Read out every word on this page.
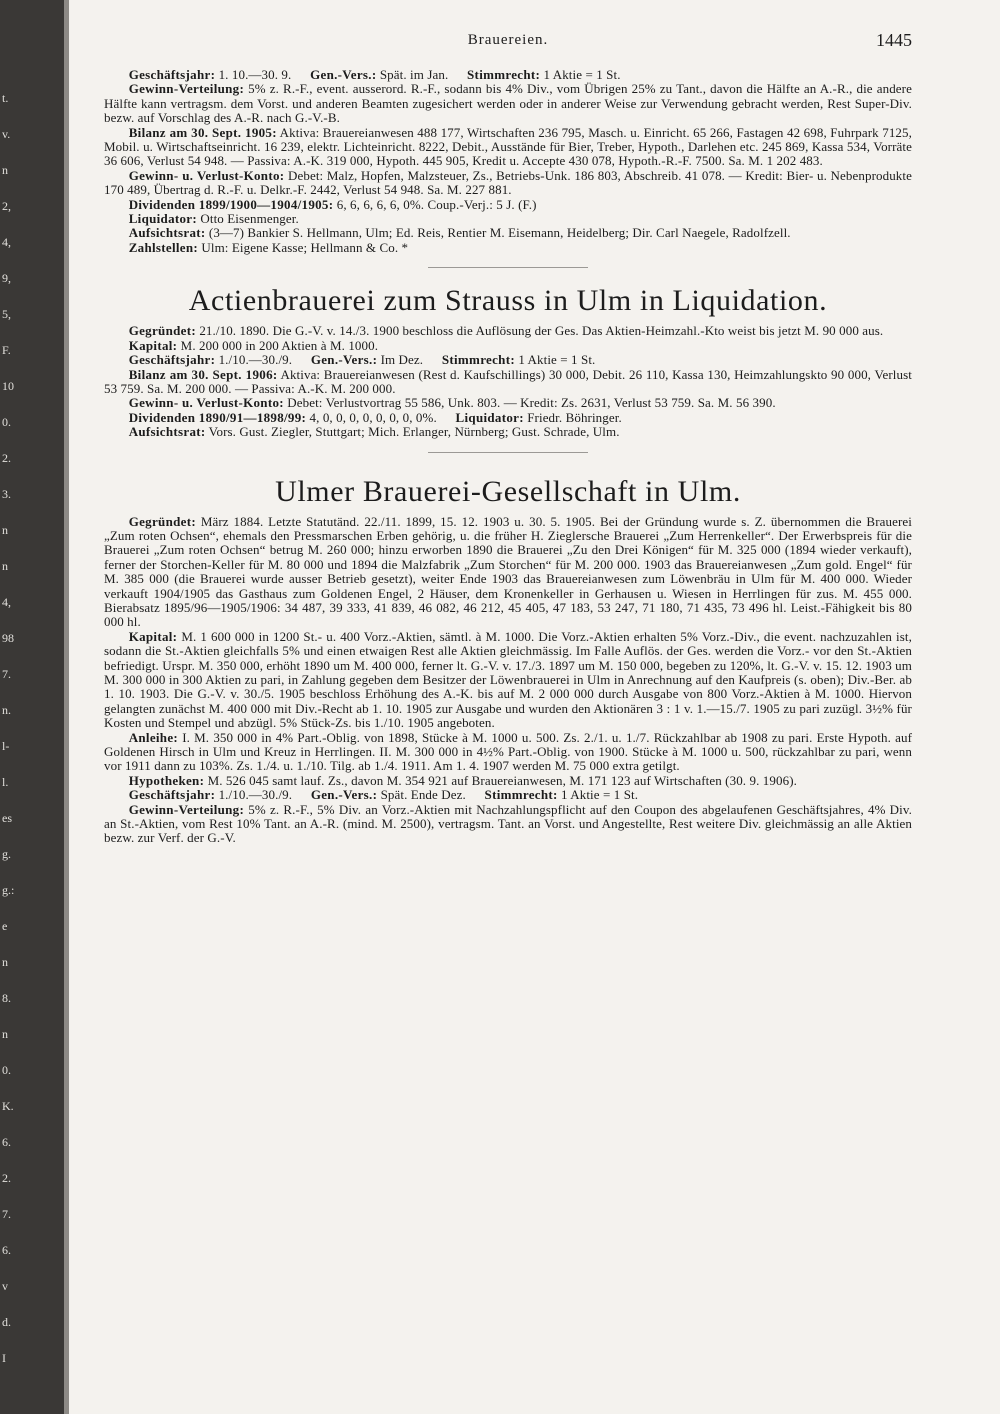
t.
v.
n
2,
4,
9,
5,
F.
10
0.
2.
3.
n
n
4,
98
7.
n.
l-
l.
es
g.
g.:
e
n
8.
n
0.
K.
6.
2.
7.
6.
v
d.
I
Brauereien.	1445

Geschäftsjahr: 1. 10.—30. 9. Gen.-Vers.: Spät. im Jan. Stimmrecht: 1 Aktie = 1 St.

Gewinn-Verteilung: 5% z. R.-F., event. ausserord. R.-F., sodann bis 4% Div., vom Übrigen 25% zu Tant., davon die Hälfte an A.-R., die andere Hälfte kann vertragsm. dem Vorst. und anderen Beamten zugesichert werden oder in anderer Weise zur Verwendung gebracht werden, Rest Super-Div. bezw. auf Vorschlag des A.-R. nach G.-V.-B.

Bilanz am 30. Sept. 1905: Aktiva: Brauereianwesen 488 177, Wirtschaften 236 795, Masch. u. Einricht. 65 266, Fastagen 42 698, Fuhrpark 7125, Mobil. u. Wirtschaftseinricht. 16 239, elektr. Lichteinricht. 8222, Debit., Ausstände für Bier, Treber, Hypoth., Darlehen etc. 245 869, Kassa 534, Vorräte 36 606, Verlust 54 948. — Passiva: A.-K. 319 000, Hypoth. 445 905, Kredit u. Accepte 430 078, Hypoth.-R.-F. 7500. Sa. M. 1 202 483.

Gewinn- u. Verlust-Konto: Debet: Malz, Hopfen, Malzsteuer, Zs., Betriebs-Unk. 186 803, Abschreib. 41 078. — Kredit: Bier- u. Nebenprodukte 170 489, Übertrag d. R.-F. u. Delkr.-F. 2442, Verlust 54 948. Sa. M. 227 881.

Dividenden 1899/1900—1904/1905: 6, 6, 6, 6, 6, 0%. Coup.-Verj.: 5 J. (F.)

Liquidator: Otto Eisenmenger.

Aufsichtsrat: (3—7) Bankier S. Hellmann, Ulm; Ed. Reis, Rentier M. Eisemann, Heidelberg; Dir. Carl Naegele, Radolfzell.

Zahlstellen: Ulm: Eigene Kasse; Hellmann & Co. *

Actienbrauerei zum Strauss in Ulm in Liquidation.

Gegründet: 21./10. 1890. Die G.-V. v. 14./3. 1900 beschloss die Auflösung der Ges. Das Aktien-Heimzahl.-Kto weist bis jetzt M. 90 000 aus.

Kapital: M. 200 000 in 200 Aktien à M. 1000.

Geschäftsjahr: 1./10.—30./9. Gen.-Vers.: Im Dez. Stimmrecht: 1 Aktie = 1 St.

Bilanz am 30. Sept. 1906: Aktiva: Brauereianwesen (Rest d. Kaufschillings) 30 000, Debit. 26 110, Kassa 130, Heimzahlungskto 90 000, Verlust 53 759. Sa. M. 200 000. — Passiva: A.-K. M. 200 000.

Gewinn- u. Verlust-Konto: Debet: Verlustvortrag 55 586, Unk. 803. — Kredit: Zs. 2631, Verlust 53 759. Sa. M. 56 390.

Dividenden 1890/91—1898/99: 4, 0, 0, 0, 0, 0, 0, 0, 0%. Liquidator: Friedr. Böhringer.

Aufsichtsrat: Vors. Gust. Ziegler, Stuttgart; Mich. Erlanger, Nürnberg; Gust. Schrade, Ulm.

Ulmer Brauerei-Gesellschaft in Ulm.

Gegründet: März 1884. Letzte Statutänd. 22./11. 1899, 15. 12. 1903 u. 30. 5. 1905. Bei der Gründung wurde s. Z. übernommen die Brauerei „Zum roten Ochsen“, ehemals den Pressmarschen Erben gehörig, u. die früher H. Zieglersche Brauerei „Zum Herrenkeller“. Der Erwerbspreis für die Brauerei „Zum roten Ochsen“ betrug M. 260 000; hinzu erworben 1890 die Brauerei „Zu den Drei Königen“ für M. 325 000 (1894 wieder verkauft), ferner der Storchen-Keller für M. 80 000 und 1894 die Malzfabrik „Zum Storchen“ für M. 200 000. 1903 das Brauereianwesen „Zum gold. Engel“ für M. 385 000 (die Brauerei wurde ausser Betrieb gesetzt), weiter Ende 1903 das Brauereianwesen zum Löwenbräu in Ulm für M. 400 000. Wieder verkauft 1904/1905 das Gasthaus zum Goldenen Engel, 2 Häuser, dem Kronenkeller in Gerhausen u. Wiesen in Herrlingen für zus. M. 455 000. Bierabsatz 1895/96—1905/1906: 34 487, 39 333, 41 839, 46 082, 46 212, 45 405, 47 183, 53 247, 71 180, 71 435, 73 496 hl. Leist.-Fähigkeit bis 80 000 hl.

Kapital: M. 1 600 000 in 1200 St.- u. 400 Vorz.-Aktien, sämtl. à M. 1000. Die Vorz.-Aktien erhalten 5% Vorz.-Div., die event. nachzuzahlen ist, sodann die St.-Aktien gleichfalls 5% und einen etwaigen Rest alle Aktien gleichmässig. Im Falle Auflös. der Ges. werden die Vorz.- vor den St.-Aktien befriedigt. Urspr. M. 350 000, erhöht 1890 um M. 400 000, ferner lt. G.-V. v. 17./3. 1897 um M. 150 000, begeben zu 120%, lt. G.-V. v. 15. 12. 1903 um M. 300 000 in 300 Aktien zu pari, in Zahlung gegeben dem Besitzer der Löwenbrauerei in Ulm in Anrechnung auf den Kaufpreis (s. oben); Div.-Ber. ab 1. 10. 1903. Die G.-V. v. 30./5. 1905 beschloss Erhöhung des A.-K. bis auf M. 2 000 000 durch Ausgabe von 800 Vorz.-Aktien à M. 1000. Hiervon gelangten zunächst M. 400 000 mit Div.-Recht ab 1. 10. 1905 zur Ausgabe und wurden den Aktionären 3 : 1 v. 1.—15./7. 1905 zu pari zuzügl. 3½% für Kosten und Stempel und abzügl. 5% Stück-Zs. bis 1./10. 1905 angeboten.

Anleihe: I. M. 350 000 in 4% Part.-Oblig. von 1898, Stücke à M. 1000 u. 500. Zs. 2./1. u. 1./7. Rückzahlbar ab 1908 zu pari. Erste Hypoth. auf Goldenen Hirsch in Ulm und Kreuz in Herrlingen. II. M. 300 000 in 4½% Part.-Oblig. von 1900. Stücke à M. 1000 u. 500, rückzahlbar zu pari, wenn vor 1911 dann zu 103%. Zs. 1./4. u. 1./10. Tilg. ab 1./4. 1911. Am 1. 4. 1907 werden M. 75 000 extra getilgt.

Hypotheken: M. 526 045 samt lauf. Zs., davon M. 354 921 auf Brauereianwesen, M. 171 123 auf Wirtschaften (30. 9. 1906).

Geschäftsjahr: 1./10.—30./9. Gen.-Vers.: Spät. Ende Dez. Stimmrecht: 1 Aktie = 1 St.

Gewinn-Verteilung: 5% z. R.-F., 5% Div. an Vorz.-Aktien mit Nachzahlungspflicht auf den Coupon des abgelaufenen Geschäftsjahres, 4% Div. an St.-Aktien, vom Rest 10% Tant. an A.-R. (mind. M. 2500), vertragsm. Tant. an Vorst. und Angestellte, Rest weitere Div. gleichmässig an alle Aktien bezw. zur Verf. der G.-V.
